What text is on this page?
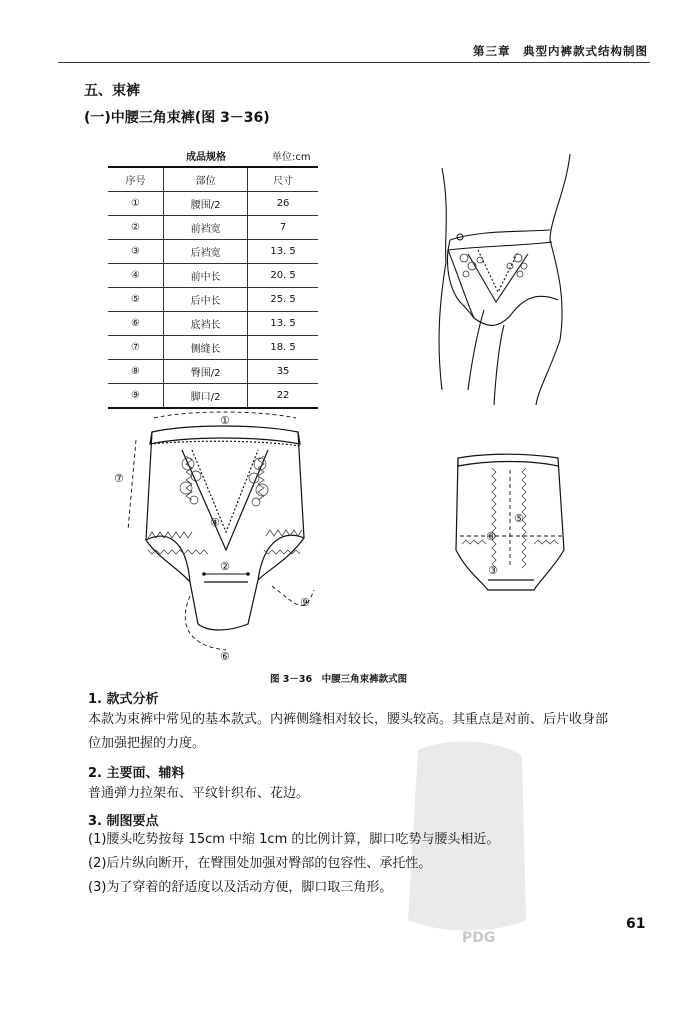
第三章　典型内裤款式结构制图
五、束裤
(一)中腰三角束裤(图 3－36)
成品规格	单位:cm
序号	部位	尺寸
①	腰围/2	26
②	前裆宽	7
③	后裆宽	13. 5
④	前中长	20. 5
⑤	后中长	25. 5
⑥	底裆长	13. 5
⑦	侧缝长	18. 5
⑧	臀围/2	35
⑨	脚口/2	22
①
②
④
⑥
⑦
⑨
③
⑤
⑧
图 3－36　中腰三角束裤款式图
PDG
1. 款式分析
本款为束裤中常见的基本款式。内裤侧缝相对较长，腰头较高。其重点是对前、后片收身部
位加强把握的力度。
2. 主要面、辅料
普通弹力拉架布、平纹针织布、花边。
3. 制图要点
(1)腰头吃势按每 15cm 中缩 1cm 的比例计算，脚口吃势与腰头相近。
(2)后片纵向断开，在臀围处加强对臀部的包容性、承托性。
(3)为了穿着的舒适度以及活动方便，脚口取三角形。
61
